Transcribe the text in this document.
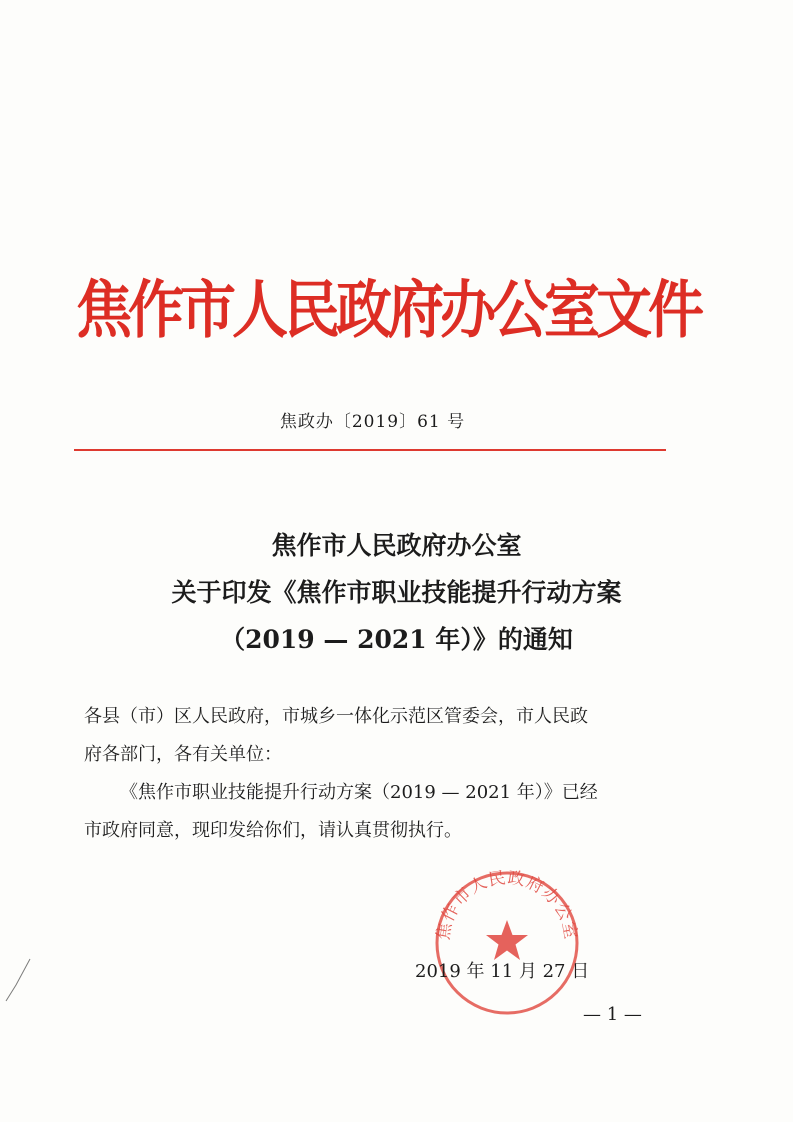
焦作市人民政府办公室文件
焦政办〔2019〕61 号
焦作市人民政府办公室
关于印发《焦作市职业技能提升行动方案
（2019 — 2021 年）》的通知

各县（市）区人民政府，市城乡一体化示范区管委会，市人民政

府各部门，各有关单位：

《焦作市职业技能提升行动方案（2019 — 2021 年）》已经

市政府同意，现印发给你们，请认真贯彻执行。

焦作市人民政府办公室
2019 年 11 月 27 日
— 1 —
